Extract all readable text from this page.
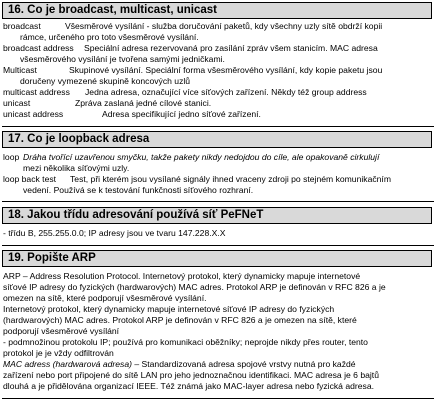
16. Co je broadcast, multicast, unicast
broadcast	Všesměrové vysílání - služba doručování paketů, kdy všechny uzly sítě obdrží kopii
rámce, určeného pro toto všesměrové vysílání.
broadcast address Speciální adresa rezervovaná pro zasílání zpráv všem stanicím. MAC adresa
všesměrového vysílání je tvořena samými jedničkami.
Multicast	Skupinové vysílání. Speciální forma všesměrového vysílání, kdy kopie paketu jsou
doručeny vymezené skupině koncových uzlů
multicast address Jedna adresa, označující více síťových zařízení. Někdy též group address
unicast	Zpráva zaslaná jedné cílové stanici.
unicast address	Adresa specifikující jedno síťové zařízení.
17. Co je loopback adresa
loop Dráha tvořící uzavřenou smyčku, takže pakety nikdy nedojdou do cíle, ale opakovaně cirkulují
mezi několika síťovými uzly.
loop back test Test, při kterém jsou vysílané signály ihned vraceny zdroji po stejném komunikačním
vedení. Používá se k testování funkčnosti síťového rozhraní.
18. Jakou třídu adresování používá síť PeFNeT
- třídu B, 255.255.0.0; IP adresy jsou ve tvaru 147.228.X.X
19. Popište ARP
ARP – Address Resolution Protocol. Internetový protokol, který dynamicky mapuje internetové
síťové IP adresy do fyzických (hardwarových) MAC adres. Protokol ARP je definován v RFC 826 a je
omezen na sítě, které podporují všesměrové vysílání.
Internetový protokol, který dynamicky mapuje internetové síťové IP adresy do fyzických
(hardwarových) MAC adres. Protokol ARP je definován v RFC 826 a je omezen na sítě, které
podporují všesměrové vysílání
- podmnožinou protokolu IP; používá pro komunikaci oběžníky; neprojde nikdy přes router, tento
protokol je je vždy odfiltrován
MAC adress (hardwarová adresa) – Standardizovaná adresa spojové vrstvy nutná pro každé
zařízení nebo port připojené do sítě LAN pro jeho jednoznačnou identifikaci. MAC adresa je 6 bajtů
dlouhá a je přidělována organizací IEEE. Též známá jako MAC-layer adresa nebo fyzická adresa.
